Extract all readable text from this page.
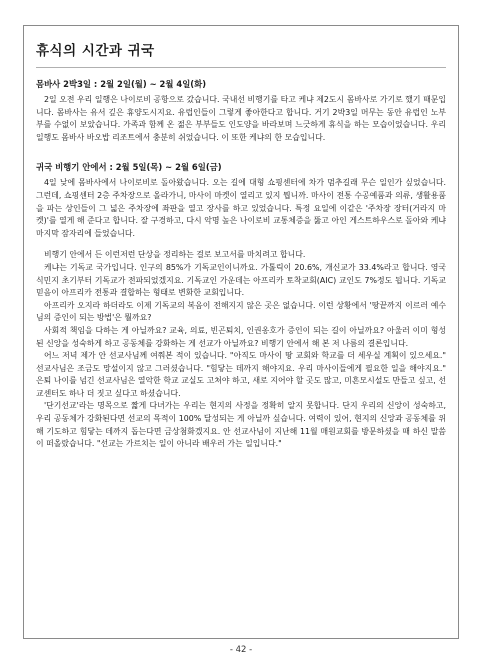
휴식의 시간과 귀국
몸바사 2박3일 : 2월 2일(월) ~ 2월 4일(화)

2일 오전 우리 일행은 나이로비 공항으로 갔습니다. 국내선 비행기를 타고 케냐 제2도시 몸바사로 가기로 했기 때문입니다. 몸바사는 유서 깊은 휴양도시지요. 유럽인들이 그렇게 좋아한다고 합니다. 거기 2박3일 머무는 동안 유럽인 노부부를 수없이 보았습니다. 가족과 함께 온 젊은 부부들도 인도양을 바라보며 느긋하게 휴식을 하는 모습이었습니다. 우리 일행도 몸바사 바오밥 리조트에서 충분히 쉬었습니다. 이 또한 케냐의 한 모습입니다.

귀국 비행기 안에서 : 2월 5일(목) ~ 2월 6일(금)

4일 낮에 몸바사에서 나이로비로 돌아왔습니다. 오는 길에 대형 쇼핑센터에 차가 멈추길래 무슨 일인가 싶었습니다. 그런데, 쇼핑센터 2층 주차장으로 올라가니, 마사이 마켓이 열리고 있지 뭡니까. 마사이 전통 수공예품과 의류, 생활용품을 파는 상인들이 그 넓은 주차장에 좌판을 열고 장사를 하고 있었습니다. 특정 요일에 이같은 '주차장 장터(거라지 마켓)'를 열게 해 준다고 합니다. 잘 구경하고, 다시 악명 높은 나이로비 교통체증을 뚫고 아인 게스트하우스로 돌아와 케냐 마지막 잠자리에 들었습니다.

비행기 안에서 든 이런저런 단상을 정리하는 걸로 보고서를 마치려고 합니다.

케냐는 기독교 국가입니다. 인구의 85%가 기독교인이니까요. 가톨릭이 20.6%, 개신교가 33.4%라고 합니다. 영국 식민지 초기부터 기독교가 전파되었겠지요. 기독교인 가운데는 아프리카 토착교회(AIC) 교인도 7%정도 됩니다. 기독교 믿음이 아프리카 전통과 결합하는 형태로 변화한 교회입니다.

아프리카 오지라 하더라도 이제 기독교의 복음이 전해지지 않은 곳은 없습니다. 이런 상황에서 '땅끝까지 이르러 예수님의 증인이 되는 방법'은 뭘까요?

사회적 책임을 다하는 게 아닐까요? 교육, 의료, 빈곤퇴치, 인권옹호가 증인이 되는 길이 아닐까요? 아울러 이미 형성된 신앙을 성숙하게 하고 공동체를 강화하는 게 선교가 아닐까요? 비행기 안에서 해 본 저 나름의 결론입니다.

어느 저녁 제가 안 선교사님께 여쭤본 적이 있습니다. "아직도 마사이 땅 교회와 학교를 더 세우실 계획이 있으세요." 선교사님은 조금도 망설이지 않고 그러셨습니다. "힘닿는 데까지 해야지요. 우리 마사이들에게 필요한 일을 해야지요." 은퇴 나이를 넘긴 선교사님은 열악한 학교 교실도 고쳐야 하고, 새로 지어야 할 곳도 많고, 미흔모시설도 만들고 싶고, 선교센터도 하나 더 짓고 싶다고 하셨습니다.

'단기선교'라는 명목으로 짧게 다녀가는 우리는 현지의 사정을 정확히 알지 못합니다. 단지 우리의 신앙이 성숙하고, 우리 공동체가 강화된다면 선교의 목적이 100% 달성되는 게 아닐까 싶습니다. 여력이 있어, 현지의 신앙과 공동체를 위해 기도하고 힘닿는 데까지 돕는다면 금상첨화겠지요. 안 선교사님이 지난해 11월 매원교회를 방문하셨을 때 하신 말씀이 떠올랐습니다. "선교는 가르치는 일이 아니라 배우러 가는 일입니다."

- 42 -
